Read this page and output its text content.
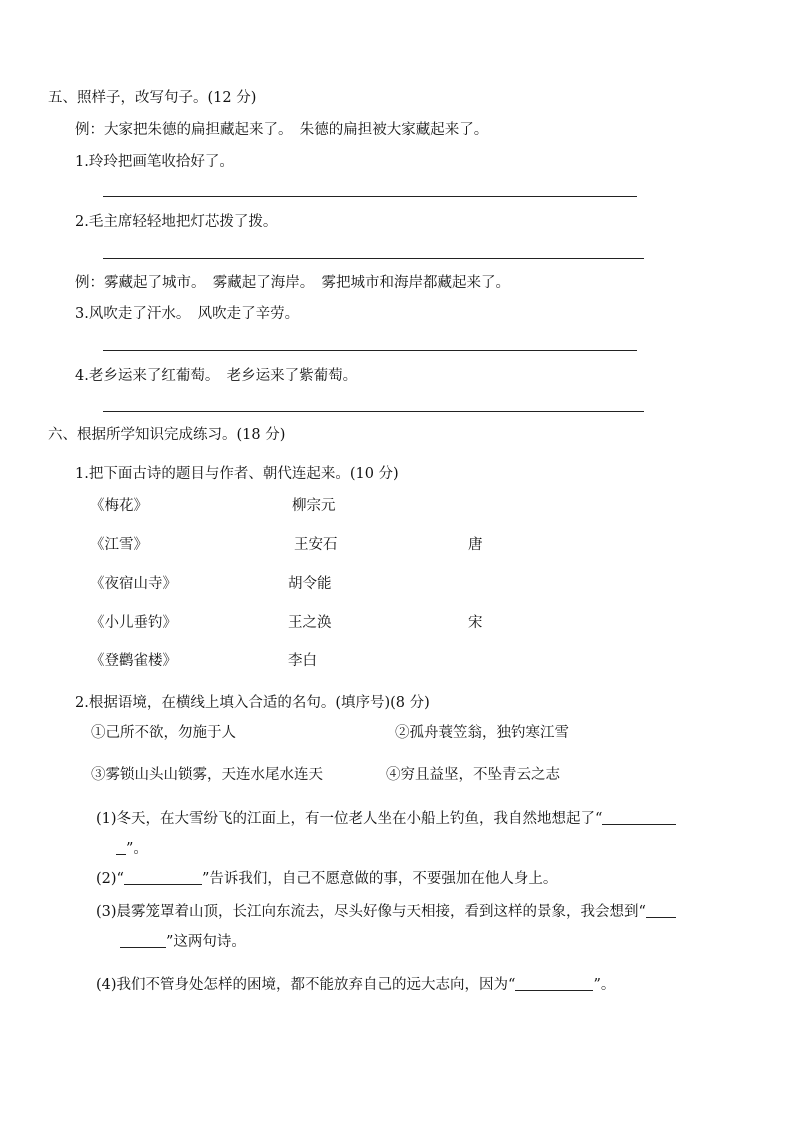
五、照样子，改写句子。(12 分)
例：大家把朱德的扁担藏起来了。　朱德的扁担被大家藏起来了。
1.玲玲把画笔收拾好了。
2.毛主席轻轻地把灯芯拨了拨。
例：雾藏起了城市。　雾藏起了海岸。　雾把城市和海岸都藏起来了。
3.风吹走了汗水。　风吹走了辛劳。
4.老乡运来了红葡萄。　老乡运来了紫葡萄。
六、根据所学知识完成练习。(18 分)
1.把下面古诗的题目与作者、朝代连起来。(10 分)
《梅花》	柳宗元
《江雪》	王安石	唐
《夜宿山寺》	胡令能
《小儿垂钓》	王之涣	宋
《登鹳雀楼》	李白
2.根据语境，在横线上填入合适的名句。(填序号)(8 分)
①己所不欲，勿施于人	②孤舟蓑笠翁，独钓寒江雪
③雾锁山头山锁雾，天连水尾水连天	④穷且益坚，不坠青云之志
(1)冬天，在大雪纷飞的江面上，有一位老人坐在小船上钓鱼，我自然地想起了“
”。
(2)“	”告诉我们，自己不愿意做的事，不要强加在他人身上。
(3)晨雾笼罩着山顶，长江向东流去，尽头好像与天相接，看到这样的景象，我会想到“
”这两句诗。
(4)我们不管身处怎样的困境，都不能放弃自己的远大志向，因为“	”。
